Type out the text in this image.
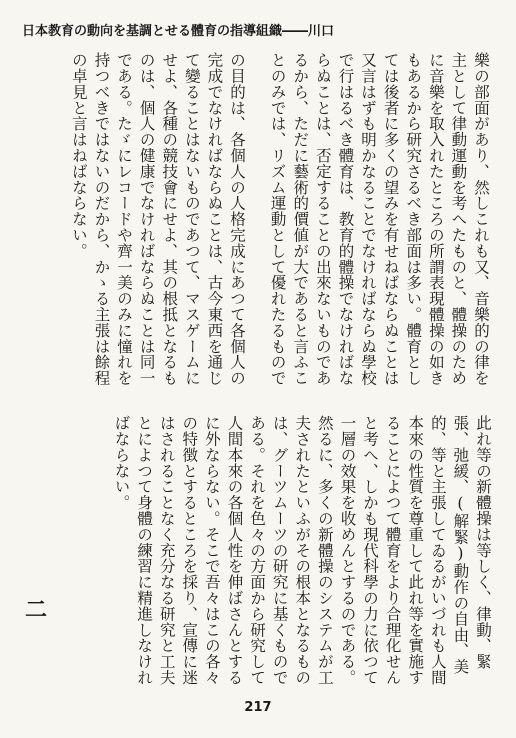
日本教育の動向を基調とせる體育の指導組織――川口

樂の部面があり、然しこれも又、音樂的の律を主として律動運動を考へたものと、體操のために音樂を取入れたところの所謂表現體操の如きもあるから研究さるべき部面は多い。體育としては後者に多くの望みを有せねばならぬことは又言はずも明かなることでなければならぬ學校で行はるべき體育は、教育的體操でなければならぬことは、否定することの出來ないものであるから、ただに藝術的價値が大であると言ふことのみでは、リズム運動として優れたるもので

の目的は、各個人の人格完成にあつて各個人の完成でなければならぬことは、古今東西を通じて變ることはないものであつて、マスゲームにせよ、各種の競技會にせよ、其の根抵となるものは、個人の健康でなければならぬことは同一である。たゞにレコードや齊一美のみに憧れを持つべきではないのだから、かゝる主張は餘程の卓見と言はねばならない。

此れ等の新體操は等しく、律動、緊張、弛緩、(解緊)動作の自由、美的、等と主張してゐるがいづれも人間本來の性質を尊重して此れ等を實施することによつて體育をより合理化せんと考へ、しかも現代科學の力に依つて一層の效果を收めんとするのである。

然るに、多くの新體操のシステムが工夫されたといふがその根本となるものは、グーツムーツの研究に基くものである。それを色々の方面から研究して人間本來の各個人性を伸ばさんとするに外ならない。そこで吾々はこの各々の特徴とするところを採り、宣傳に迷はされることなく充分なる研究と工夫とによつて身體の練習に精進しなければならない。

二
217
